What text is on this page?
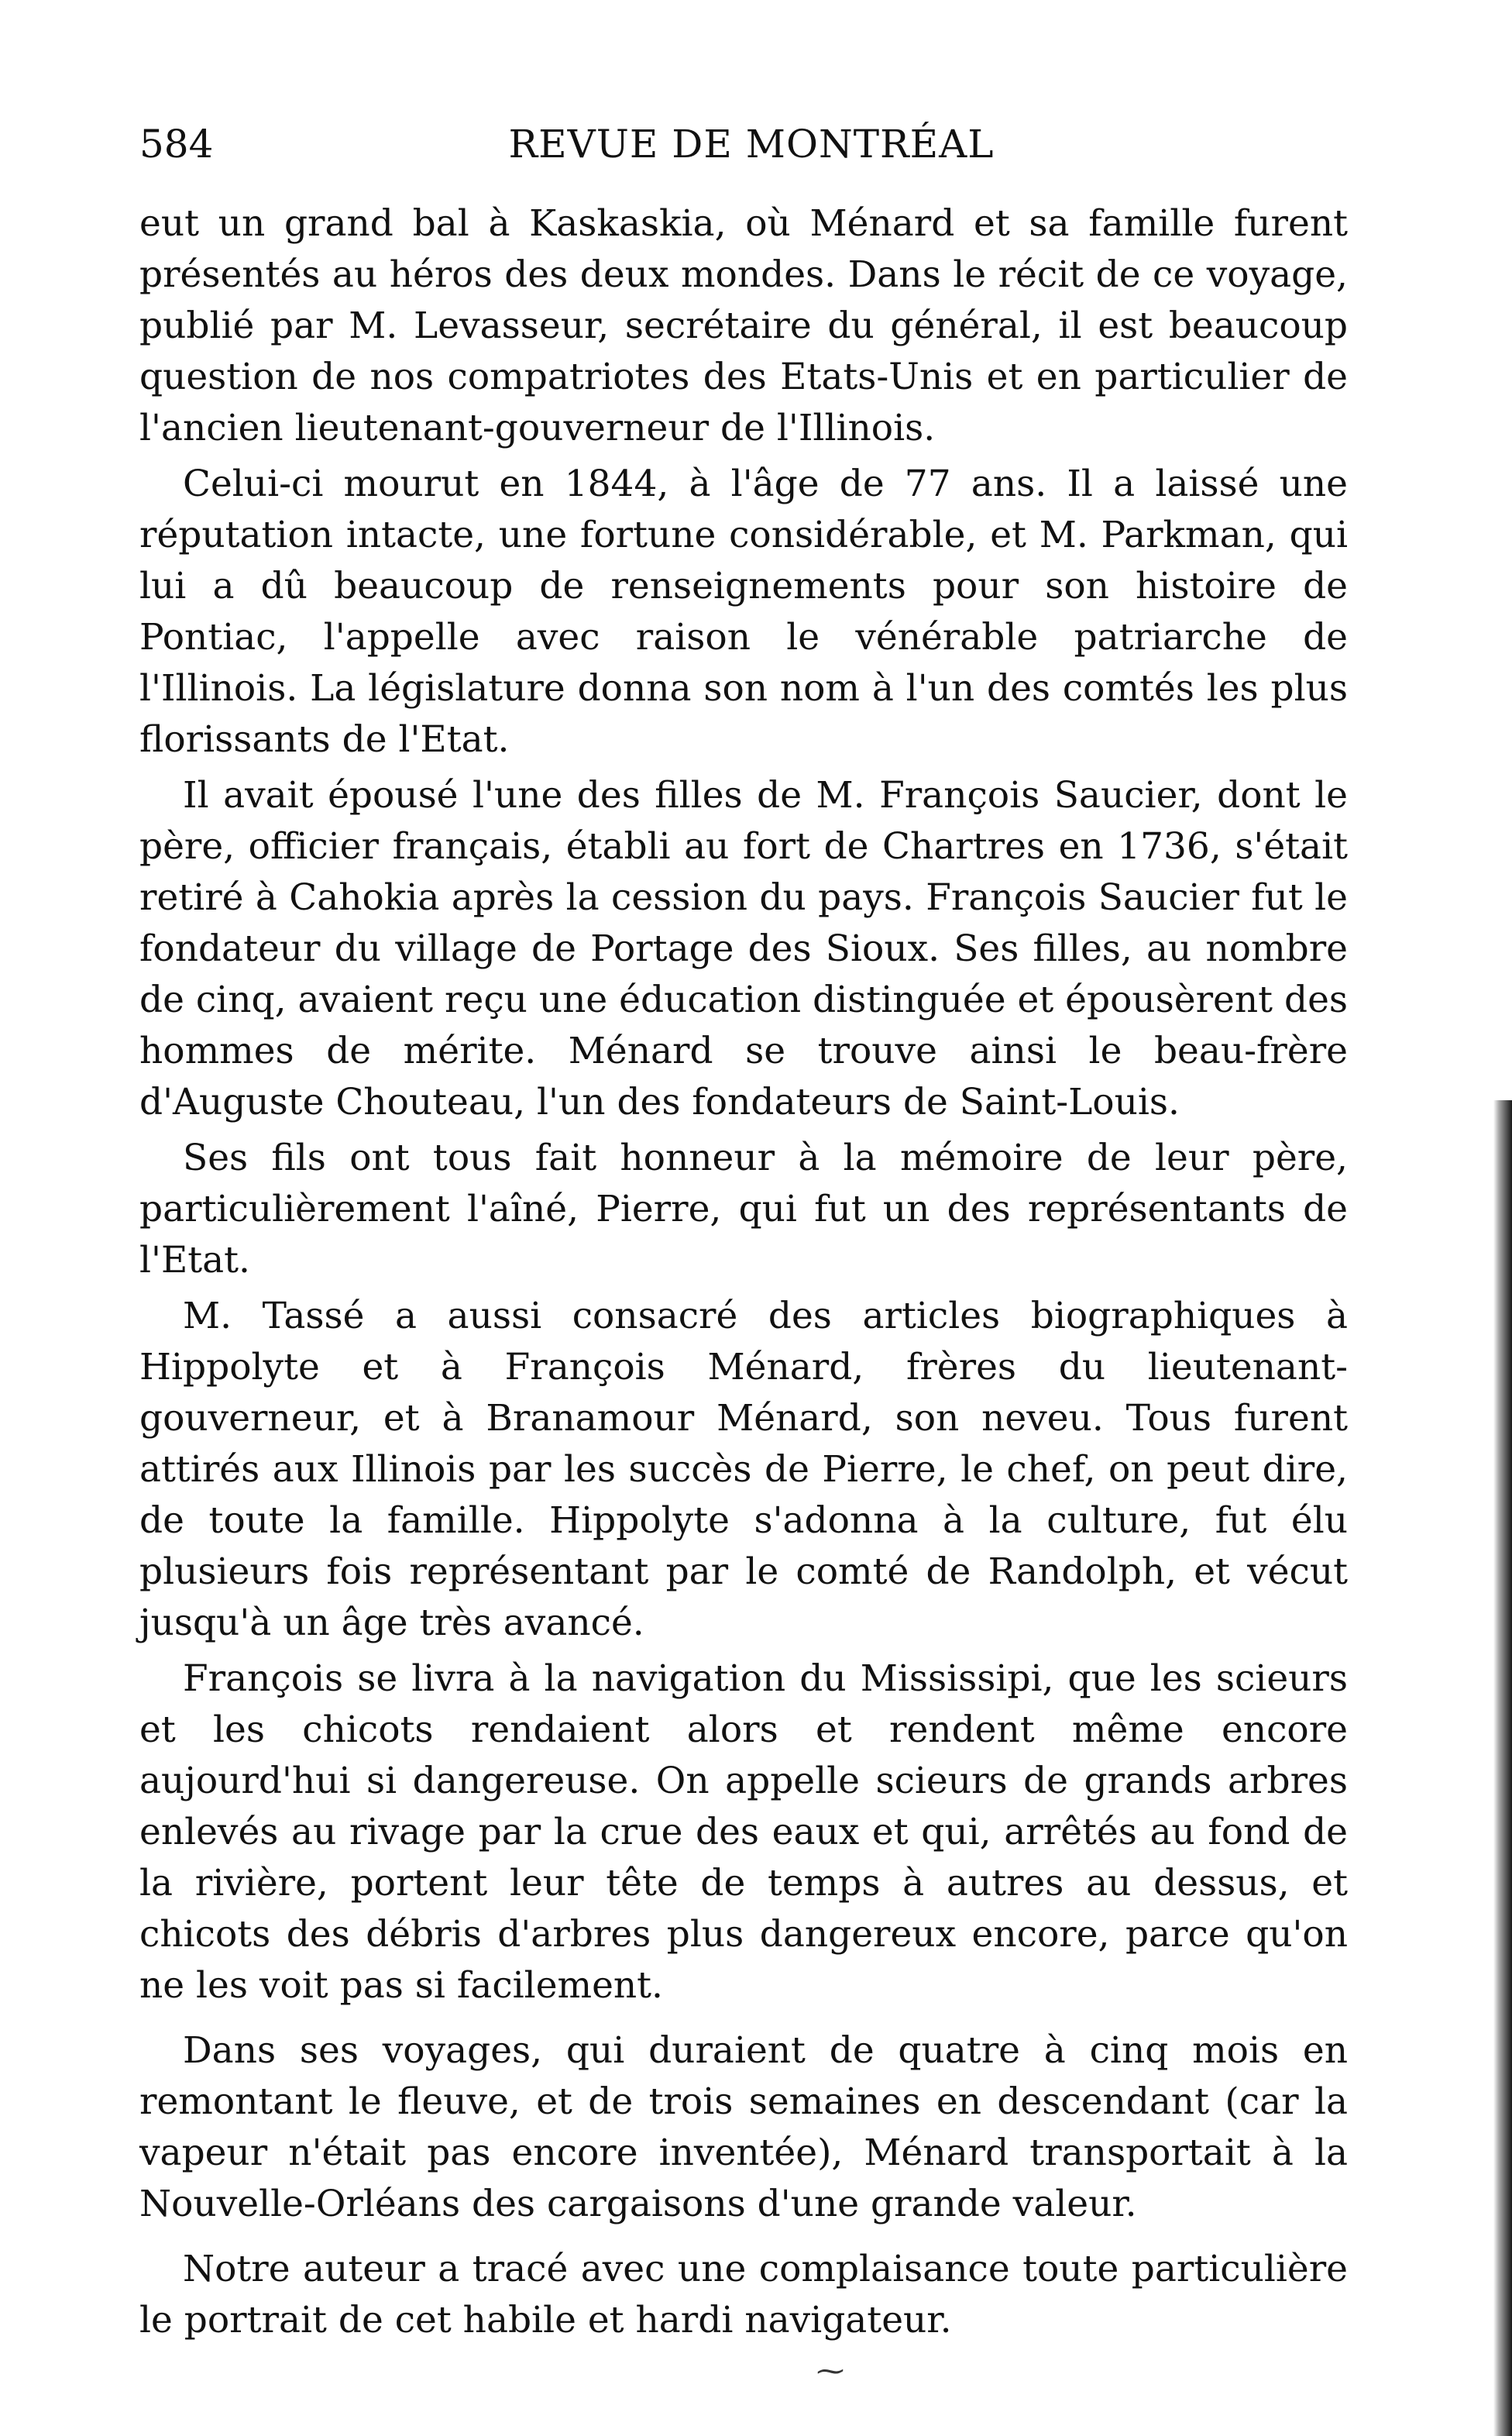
584	REVUE DE MONTRÉAL

eut un grand bal à Kaskaskia, où Ménard et sa famille furent présentés au héros des deux mondes. Dans le récit de ce voyage, publié par M. Levasseur, secrétaire du général, il est beaucoup question de nos compatriotes des Etats-Unis et en particulier de l'ancien lieutenant-gouverneur de l'Illinois.

Celui-ci mourut en 1844, à l'âge de 77 ans. Il a laissé une réputation intacte, une fortune considérable, et M. Parkman, qui lui a dû beaucoup de renseignements pour son histoire de Pontiac, l'appelle avec raison le vénérable patriarche de l'Illinois. La législature donna son nom à l'un des comtés les plus florissants de l'Etat.

Il avait épousé l'une des filles de M. François Saucier, dont le père, officier français, établi au fort de Chartres en 1736, s'était retiré à Cahokia après la cession du pays. François Saucier fut le fondateur du village de Portage des Sioux. Ses filles, au nombre de cinq, avaient reçu une éducation distinguée et épousèrent des hommes de mérite. Ménard se trouve ainsi le beau-frère d'Auguste Chouteau, l'un des fondateurs de Saint-Louis.

Ses fils ont tous fait honneur à la mémoire de leur père, particulièrement l'aîné, Pierre, qui fut un des représentants de l'Etat.

M. Tassé a aussi consacré des articles biographiques à Hippolyte et à François Ménard, frères du lieutenant-gouverneur, et à Branamour Ménard, son neveu. Tous furent attirés aux Illinois par les succès de Pierre, le chef, on peut dire, de toute la famille. Hippolyte s'adonna à la culture, fut élu plusieurs fois représentant par le comté de Randolph, et vécut jusqu'à un âge très avancé.

François se livra à la navigation du Mississipi, que les scieurs et les chicots rendaient alors et rendent même encore aujourd'hui si dangereuse. On appelle scieurs de grands arbres enlevés au rivage par la crue des eaux et qui, arrêtés au fond de la rivière, portent leur tête de temps à autres au dessus, et chicots des débris d'arbres plus dangereux encore, parce qu'on ne les voit pas si facilement.

Dans ses voyages, qui duraient de quatre à cinq mois en remontant le fleuve, et de trois semaines en descendant (car la vapeur n'était pas encore inventée), Ménard transportait à la Nouvelle-Orléans des cargaisons d'une grande valeur.

Notre auteur a tracé avec une complaisance toute particulière le portrait de cet habile et hardi navigateur.

⁓
